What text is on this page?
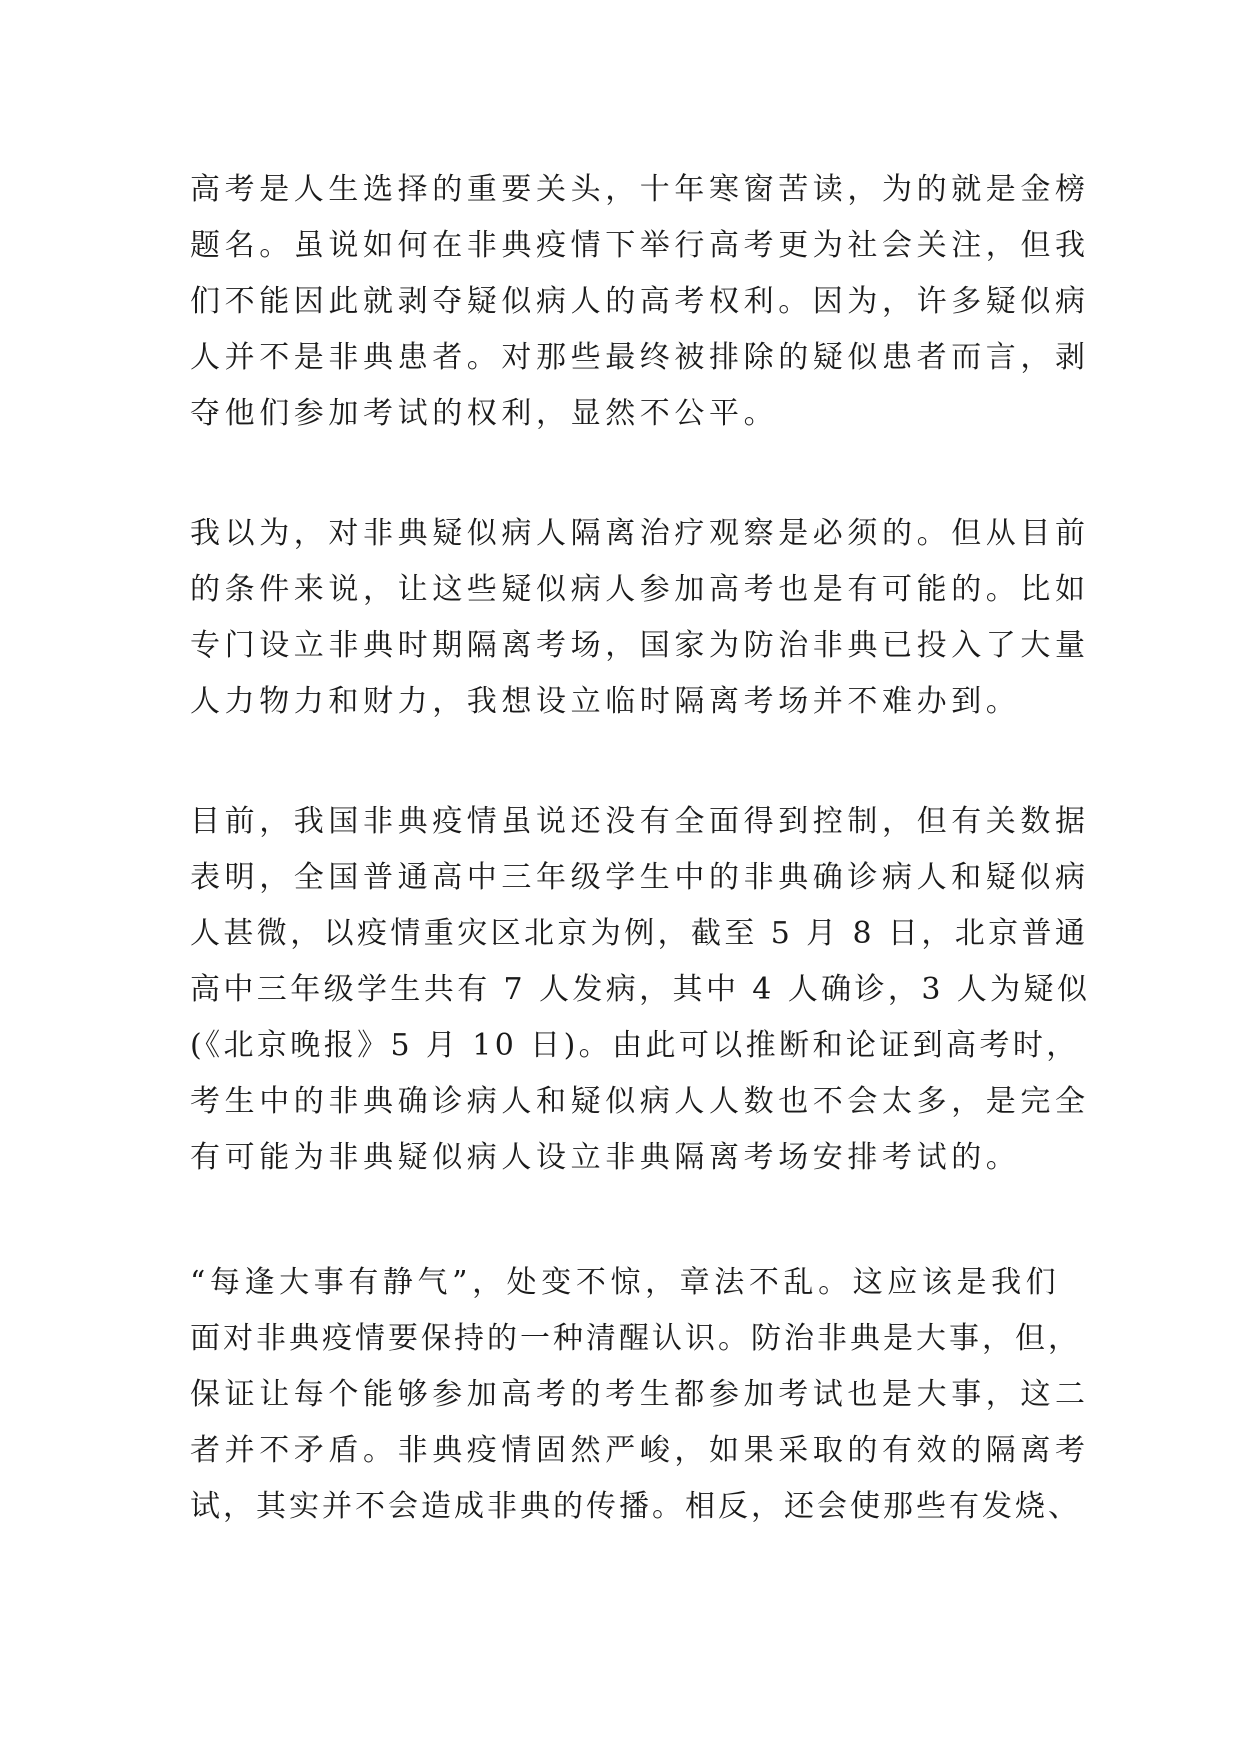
高考是人生选择的重要关头，十年寒窗苦读，为的就是金榜
题名。虽说如何在非典疫情下举行高考更为社会关注，但我
们不能因此就剥夺疑似病人的高考权利。因为，许多疑似病
人并不是非典患者。对那些最终被排除的疑似患者而言，剥
夺他们参加考试的权利，显然不公平。
我以为，对非典疑似病人隔离治疗观察是必须的。但从目前
的条件来说，让这些疑似病人参加高考也是有可能的。比如
专门设立非典时期隔离考场，国家为防治非典已投入了大量
人力物力和财力，我想设立临时隔离考场并不难办到。
目前，我国非典疫情虽说还没有全面得到控制，但有关数据
表明，全国普通高中三年级学生中的非典确诊病人和疑似病
人甚微，以疫情重灾区北京为例，截至 5 月 8 日，北京普通
高中三年级学生共有 7 人发病，其中 4 人确诊，3 人为疑似
(《北京晚报》5 月 10 日)。由此可以推断和论证到高考时，
考生中的非典确诊病人和疑似病人人数也不会太多，是完全
有可能为非典疑似病人设立非典隔离考场安排考试的。
“每逢大事有静气”，处变不惊，章法不乱。这应该是我们
面对非典疫情要保持的一种清醒认识。防治非典是大事，但，
保证让每个能够参加高考的考生都参加考试也是大事，这二
者并不矛盾。非典疫情固然严峻，如果采取的有效的隔离考
试，其实并不会造成非典的传播。相反，还会使那些有发烧、
